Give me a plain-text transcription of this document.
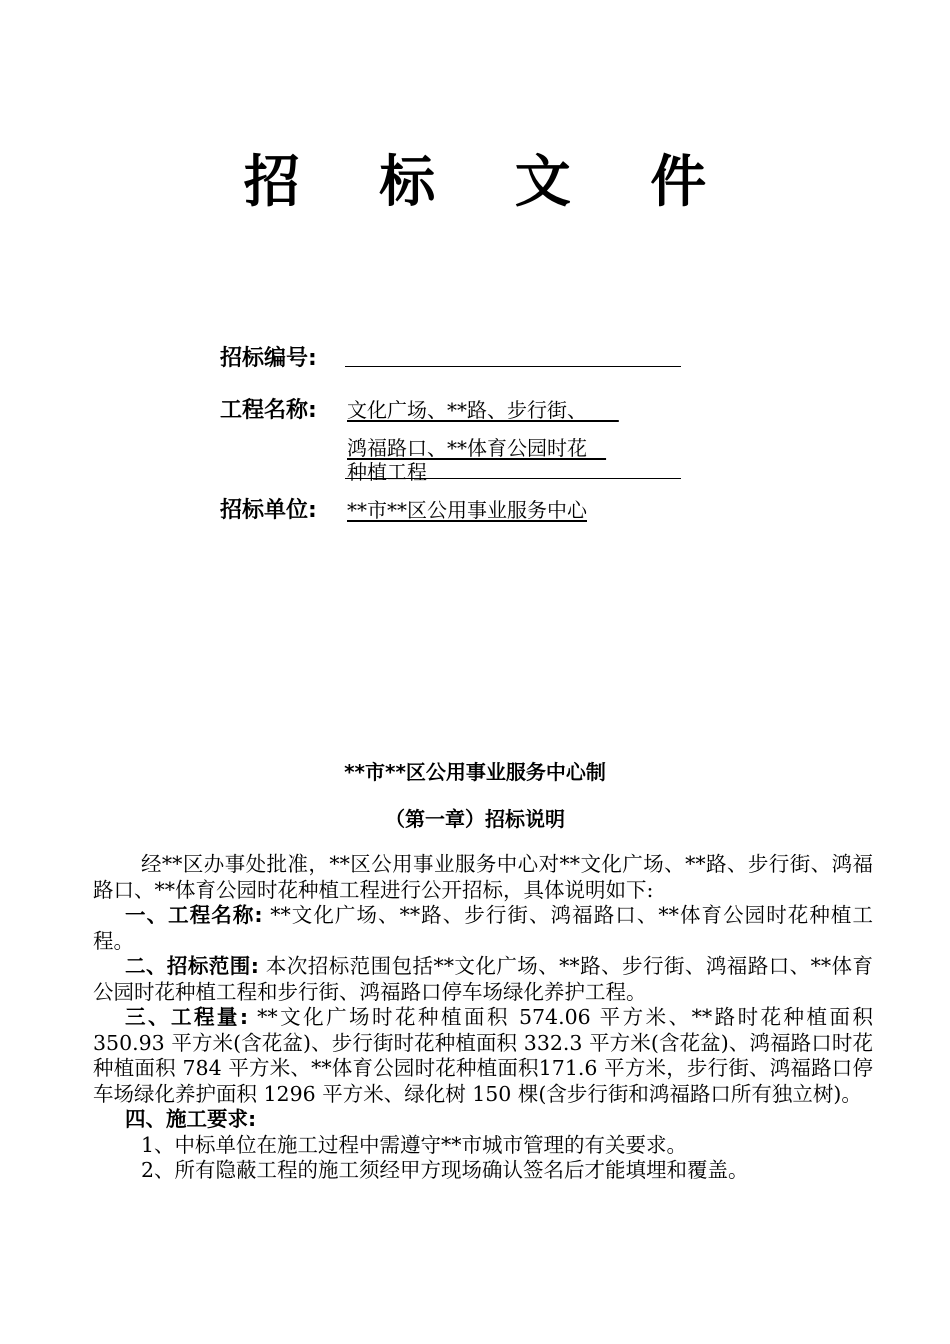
招 标 文 件
招标编号:
工程名称: 文化广场、**路、步行街、
鸿福路口、**体育公园时花
种植工程
招标单位: **市**区公用事业服务中心
**市**区公用事业服务中心制
（第一章）招标说明

经**区办事处批准，**区公用事业服务中心对**文化广场、**路、步行街、鸿福路口、**体育公园时花种植工程进行公开招标，具体说明如下:

一、工程名称: **文化广场、**路、步行街、鸿福路口、**体育公园时花种植工程。

二、招标范围: 本次招标范围包括**文化广场、**路、步行街、鸿福路口、**体育公园时花种植工程和步行街、鸿福路口停车场绿化养护工程。

三、工程量: **文化广场时花种植面积 574.06 平方米、**路时花种植面积 350.93 平方米(含花盆)、步行街时花种植面积 332.3 平方米(含花盆)、鸿福路口时花种植面积 784 平方米、**体育公园时花种植面积171.6 平方米，步行街、鸿福路口停车场绿化养护面积 1296 平方米、绿化树 150 棵(含步行街和鸿福路口所有独立树)。

四、施工要求:

1、中标单位在施工过程中需遵守**市城市管理的有关要求。

2、所有隐蔽工程的施工须经甲方现场确认签名后才能填埋和覆盖。
